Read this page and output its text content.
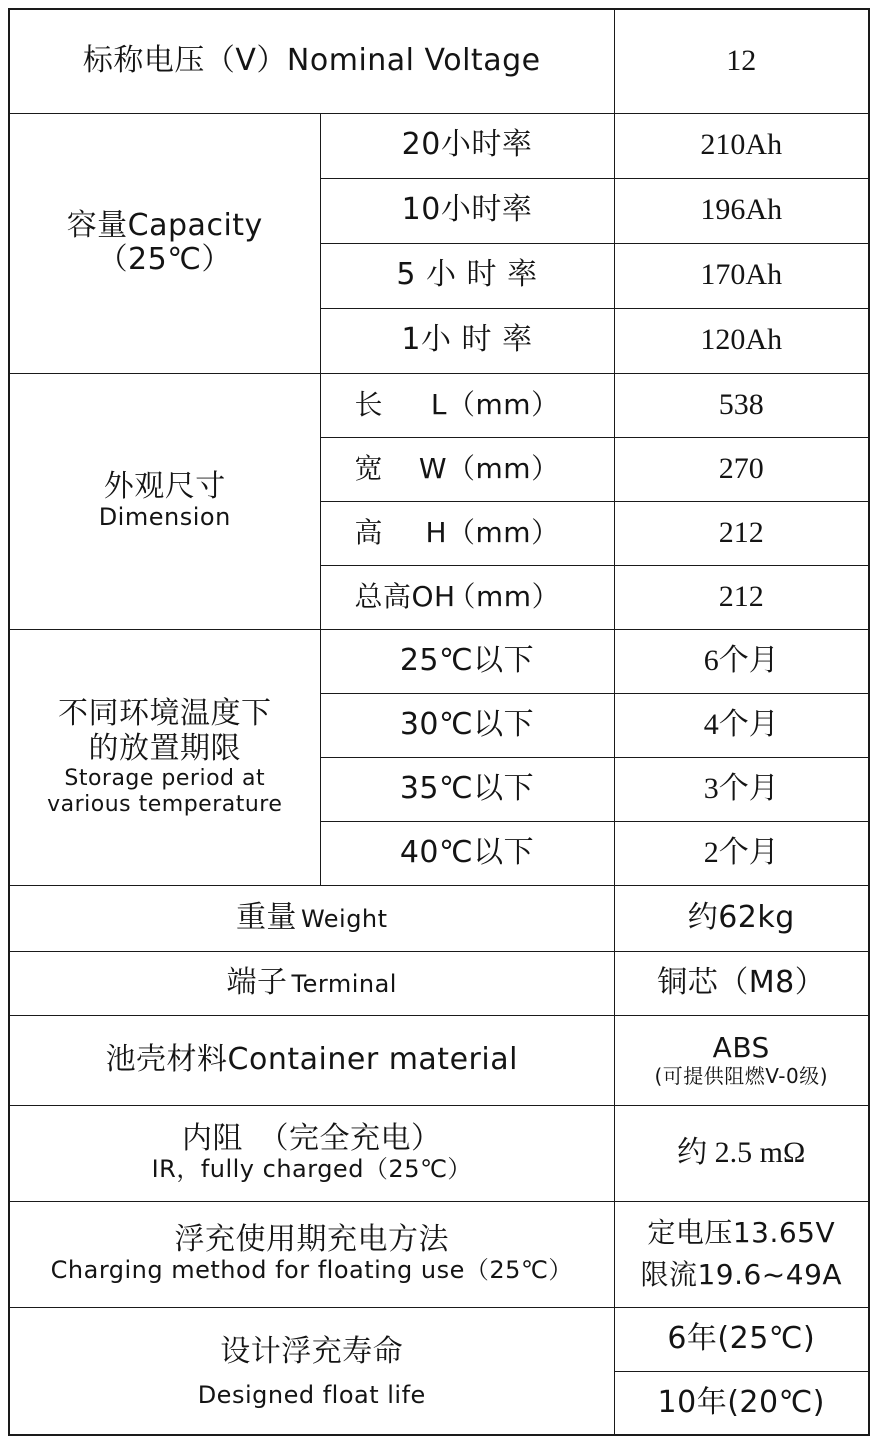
标称电压（V）Nominal Voltage		12

容量Capacity
（25℃）	20小时率	210Ah
	10小时率	196Ah
	5 小 时 率	170Ah
	1小 时 率	120Ah

外观尺寸
Dimension	长 L（mm）	538

	宽 W（mm）	270

	高 H（mm）	212

	总高OH（mm）	212

不同环境温度下
的放置期限
Storage period at
various temperature	25℃以下	6个月
	30℃以下	4个月
	35℃以下	3个月
	40℃以下	2个月
重量 Weight		约62kg
端子 Terminal		铜芯（M8）
池壳材料Container material		ABS
(可提供阻燃V-0级)

内阻　（完全充电）
IR，fully charged（25℃）		约 2.5 mΩ

浮充使用期充电方法
Charging method for floating use（25℃）		定电压13.65V
限流19.6~49A

设计浮充寿命
Designed float life		6年(25℃)
		10年(20℃)
